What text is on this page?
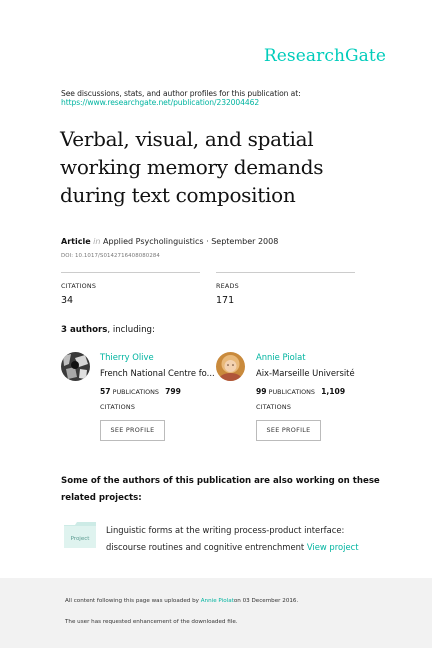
ResearchGate
See discussions, stats, and author profiles for this publication at:
https://www.researchgate.net/publication/232004462
Verbal, visual, and spatial working memory demands during text composition
Article in Applied Psycholinguistics · September 2008
DOI: 10.1017/S0142716408080284
CITATIONS
34
READS
171
3 authors, including:
Thierry Olive
French National Centre fo...
57 PUBLICATIONS 799
CITATIONS
SEE PROFILE
Annie Piolat
Aix-Marseille Université
99 PUBLICATIONS 1,109
CITATIONS
SEE PROFILE
Some of the authors of this publication are also working on these related projects:
Project
Linguistic forms at the writing process-product interface: discourse routines and cognitive entrenchment View project
All content following this page was uploaded by Annie Piolaton 03 December 2016.
The user has requested enhancement of the downloaded file.
